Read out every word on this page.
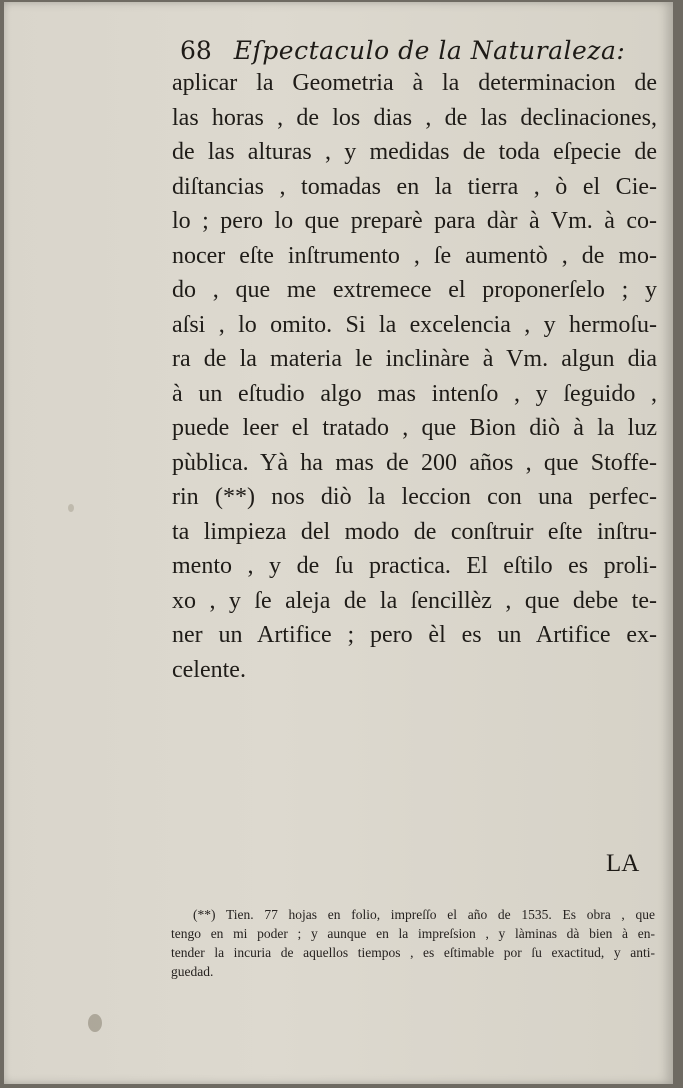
68 Eſpectaculo de la Naturaleza:
aplicar la Geometria à la determinacion de
las horas , de los dias , de las declinaciones,
de las alturas , y medidas de toda eſpecie de
diſtancias , tomadas en la tierra , ò el Cie-
lo ; pero lo que preparè para dàr à Vm. à co-
nocer eſte inſtrumento , ſe aumentò , de mo-
do , que me extremece el proponerſelo ; y
aſsi , lo omito. Si la excelencia , y hermoſu-
ra de la materia le inclinàre à Vm. algun dia
à un eſtudio algo mas intenſo , y ſeguido ,
puede leer el tratado , que Bion diò à la luz
pùblica. Yà ha mas de 200 años , que Stoffe-
rin (**) nos diò la leccion con una perfec-
ta limpieza del modo de conſtruir eſte inſtru-
mento , y de ſu practica. El eſtilo es proli-
xo , y ſe aleja de la ſencillèz , que debe te-
ner un Artifice ; pero èl es un Artifice ex-
celente.
LA
(**) Tien. 77 hojas en folio, impreſſo el año de 1535. Es obra , que
tengo en mi poder ; y aunque en la impreſsion , y làminas dà bien à en-
tender la incuria de aquellos tiempos , es eſtimable por ſu exactitud, y anti-
guedad.
